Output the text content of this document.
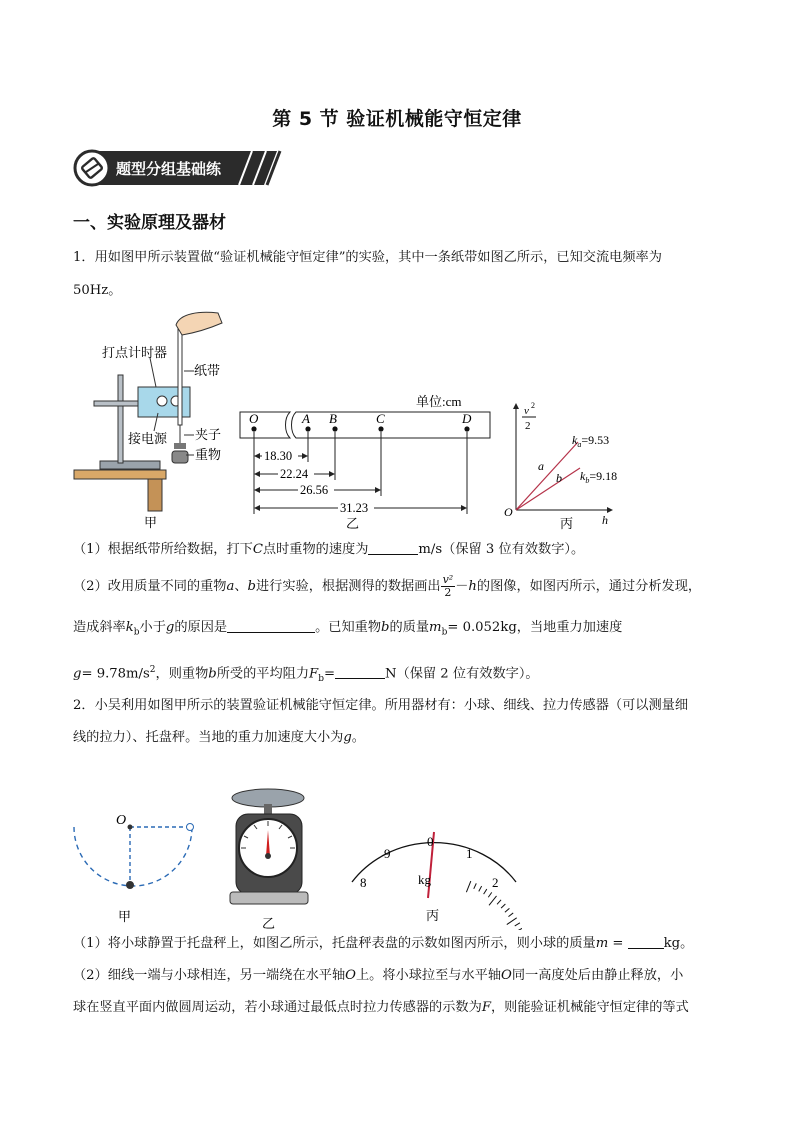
第 5 节 验证机械能守恒定律
题型分组基础练
一、实验原理及器材
1．用如图甲所示装置做“验证机械能守恒定律”的实验，其中一条纸带如图乙所示，已知交流电频率为
50Hz。
打点计时器
纸带
接电源 夹子
重物
甲
单位:cm
O	A B	C	D
18.30
22.24
26.56
31.23
乙
v 2
2
h
O
a
b
$k_a=9.53$
$k_b=9.18$
丙
（1）根据纸带所给数据，打下C点时重物的速度为	m/s（保留 3 位有效数字）。
（2）改用质量不同的重物a、b进行实验，根据测得的数据画出 $\frac{\text{v²}}{2} -h$的图像，如图丙所示，通过分析发现，
造成斜率$k_b$小于g的原因是	。已知重物b的质量$m_b= 0.052kg$，当地重力加速度
$g= 9.78m/s^2$，则重物b所受的平均阻力$F_b=$	N（保留 2 位有效数字）。
2．小吴利用如图甲所示的装置验证机械能守恒定律。所用器材有：小球、细线、拉力传感器（可以测量细
线的拉力）、托盘秤。当地的重力加速度大小为g。
O
甲	乙
8
9
0
1
2
kg
丙
（1）将小球静置于托盘秤上，如图乙所示，托盘秤表盘的示数如图丙所示，则小球的质量m =	kg。
（2）细线一端与小球相连，另一端绕在水平轴O上。将小球拉至与水平轴O同一高度处后由静止释放，小
球在竖直平面内做圆周运动，若小球通过最低点时拉力传感器的示数为F，则能验证机械能守恒定律的等式
